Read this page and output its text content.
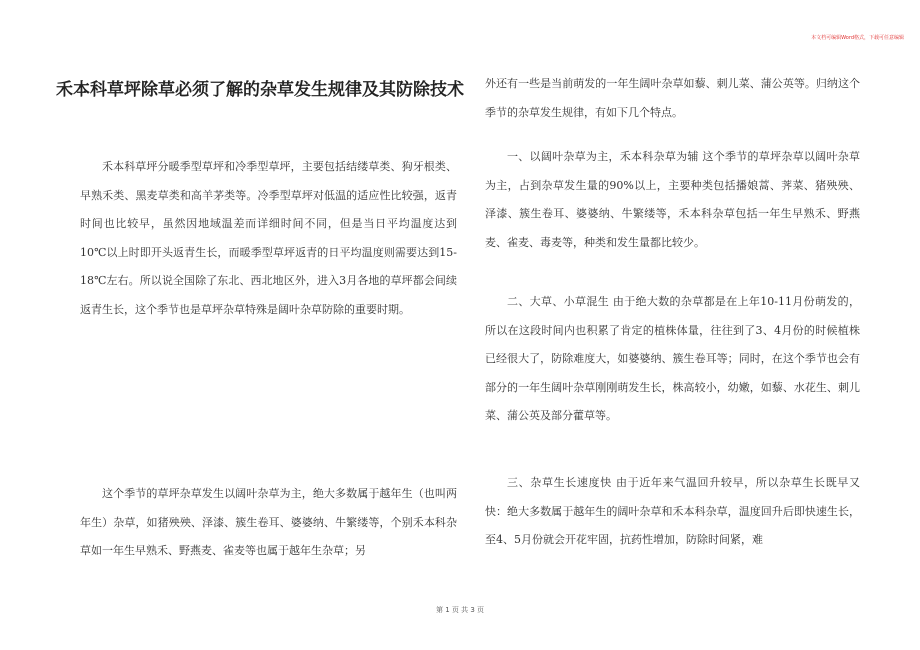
本文档可编辑Word格式，下载可任意编辑
禾本科草坪除草必须了解的杂草发生规律及其防除技术

禾本科草坪分暖季型草坪和冷季型草坪，主要包括结缕草类、狗牙根类、早熟禾类、黑麦草类和高羊茅类等。冷季型草坪对低温的适应性比较强，返青时间也比较早，虽然因地域温差而详细时间不同，但是当日平均温度达到10℃以上时即开头返青生长，而暖季型草坪返青的日平均温度则需要达到15-18℃左右。所以说全国除了东北、西北地区外，进入3月各地的草坪都会间续返青生长，这个季节也是草坪杂草特殊是阔叶杂草防除的重要时期。

这个季节的草坪杂草发生以阔叶杂草为主，绝大多数属于越年生（也叫两年生）杂草，如猪殃殃、泽漆、簇生卷耳、婆婆纳、牛繁缕等，个别禾本科杂草如一年生早熟禾、野燕麦、雀麦等也属于越年生杂草；另

外还有一些是当前萌发的一年生阔叶杂草如藜、刺儿菜、蒲公英等。归纳这个季节的杂草发生规律，有如下几个特点。

一、以阔叶杂草为主，禾本科杂草为辅 这个季节的草坪杂草以阔叶杂草为主，占到杂草发生量的90%以上，主要种类包括播娘蒿、荠菜、猪殃殃、泽漆、簇生卷耳、婆婆纳、牛繁缕等，禾本科杂草包括一年生早熟禾、野燕麦、雀麦、毒麦等，种类和发生量都比较少。

二、大草、小草混生 由于绝大数的杂草都是在上年10-11月份萌发的，所以在这段时间内也积累了肯定的植株体量，往往到了3、4月份的时候植株已经很大了，防除难度大，如婆婆纳、簇生卷耳等；同时，在这个季节也会有部分的一年生阔叶杂草刚刚萌发生长，株高较小，幼嫩，如藜、水花生、刺儿菜、蒲公英及部分藿草等。

三、杂草生长速度快 由于近年来气温回升较早，所以杂草生长既早又快：绝大多数属于越年生的阔叶杂草和禾本科杂草，温度回升后即快速生长，至4、5月份就会开花牢固，抗药性增加，防除时间紧，难

第 1 页 共 3 页
